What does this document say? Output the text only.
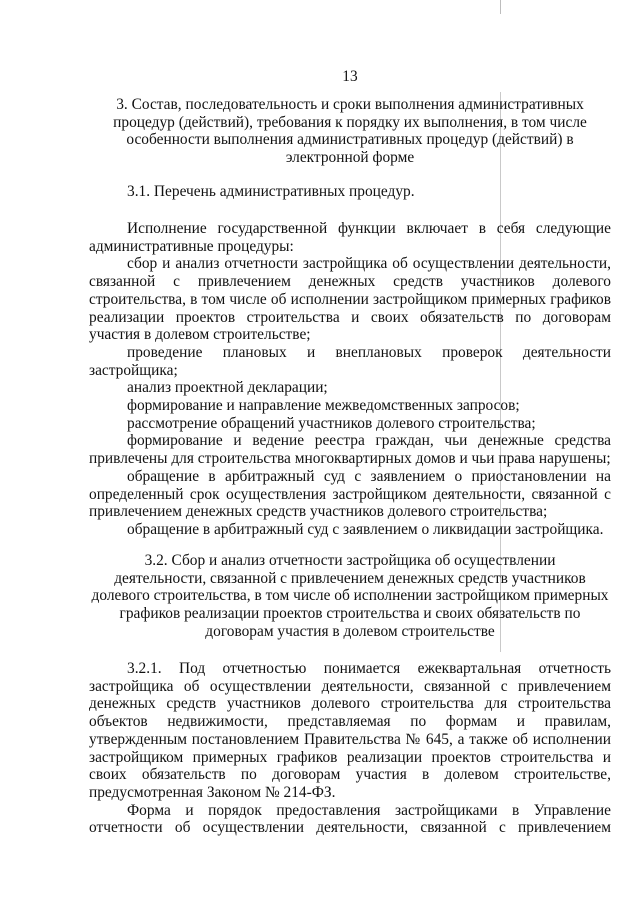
13

3. Состав, последовательность и сроки выполнения административных

процедур (действий), требования к порядку их выполнения, в том числе

особенности выполнения административных процедур (действий) в

электронной форме

3.1. Перечень административных процедур.

Исполнение государственной функции включает в себя следующие административные процедуры:

сбор и анализ отчетности застройщика об осуществлении деятельности, связанной с привлечением денежных средств участников долевого строительства, в том числе об исполнении застройщиком примерных графиков реализации проектов строительства и своих обязательств по договорам участия в долевом строительстве;

проведение плановых и внеплановых проверок деятельности застройщика;

анализ проектной декларации;

формирование и направление межведомственных запросов;

рассмотрение обращений участников долевого строительства;

формирование и ведение реестра граждан, чьи денежные средства привлечены для строительства многоквартирных домов и чьи права нарушены;

обращение в арбитражный суд с заявлением о приостановлении на определенный срок осуществления застройщиком деятельности, связанной с привлечением денежных средств участников долевого строительства;

обращение в арбитражный суд с заявлением о ликвидации застройщика.

3.2. Сбор и анализ отчетности застройщика об осуществлении

деятельности, связанной с привлечением денежных средств участников

долевого строительства, в том числе об исполнении застройщиком примерных

графиков реализации проектов строительства и своих обязательств по

договорам участия в долевом строительстве

3.2.1. Под отчетностью понимается ежеквартальная отчетность застройщика об осуществлении деятельности, связанной с привлечением денежных средств участников долевого строительства для строительства объектов недвижимости, представляемая по формам и правилам, утвержденным постановлением Правительства № 645, а также об исполнении застройщиком примерных графиков реализации проектов строительства и своих обязательств по договорам участия в долевом строительстве, предусмотренная Законом № 214-ФЗ.

Форма и порядок предоставления застройщиками в Управление отчетности об осуществлении деятельности, связанной с привлечением
